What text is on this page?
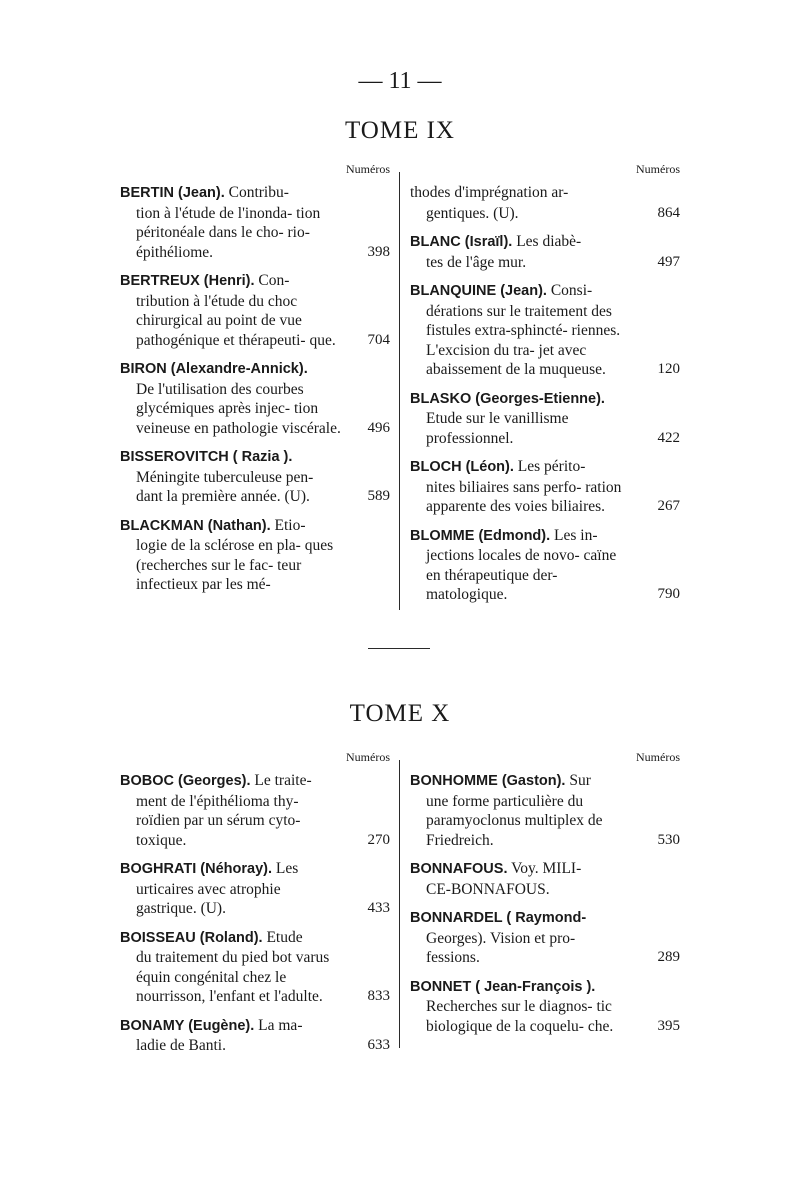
— 11 —
TOME IX
Numéros
BERTIN (Jean). Contribu-
tion à l'étude de l'inonda- tion péritonéale dans le cho- rio-épithéliome.	398
BERTREUX (Henri). Con-
tribution à l'étude du choc chirurgical au point de vue pathogénique et thérapeuti- que.	704
BIRON (Alexandre-Annick).
De l'utilisation des courbes glycémiques après injec- tion veineuse en pathologie viscérale. 496
BISSEROVITCH ( Razia ).
Méningite tuberculeuse pen- dant la première année. (U).	589
BLACKMAN (Nathan). Etio-
logie de la sclérose en pla- ques (recherches sur le fac- teur infectieux par les mé-
Numéros
thodes d'imprégnation ar-
gentiques. (U).	864
BLANC (Israïl). Les diabè-
tes de l'âge mur.	497
BLANQUINE (Jean). Consi-
dérations sur le traitement des fistules extra-sphincté- riennes. L'excision du tra- jet avec abaissement de la muqueuse.	120
BLASKO (Georges-Etienne).
Etude sur le vanillisme professionnel.	422
BLOCH (Léon). Les périto-
nites biliaires sans perfo- ration apparente des voies biliaires.	267
BLOMME (Edmond). Les in-
jections locales de novo- caïne en thérapeutique der- matologique.	790
TOME X
Numéros
BOBOC (Georges). Le traite-
ment de l'épithélioma thy- roïdien par un sérum cyto- toxique.	270
BOGHRATI (Néhoray). Les
urticaires avec atrophie gastrique. (U).	433
BOISSEAU (Roland). Etude
du traitement du pied bot varus équin congénital chez le nourrisson, l'enfant et l'adulte.	833
BONAMY (Eugène). La ma-
ladie de Banti.	633
Numéros
BONHOMME (Gaston). Sur
une forme particulière du paramyoclonus multiplex de Friedreich.	530
BONNAFOUS. Voy. MILI-
CE-BONNAFOUS.
BONNARDEL ( Raymond-
Georges). Vision et pro- fessions.	289
BONNET ( Jean-François ).
Recherches sur le diagnos- tic biologique de la coquelu- che.	395
